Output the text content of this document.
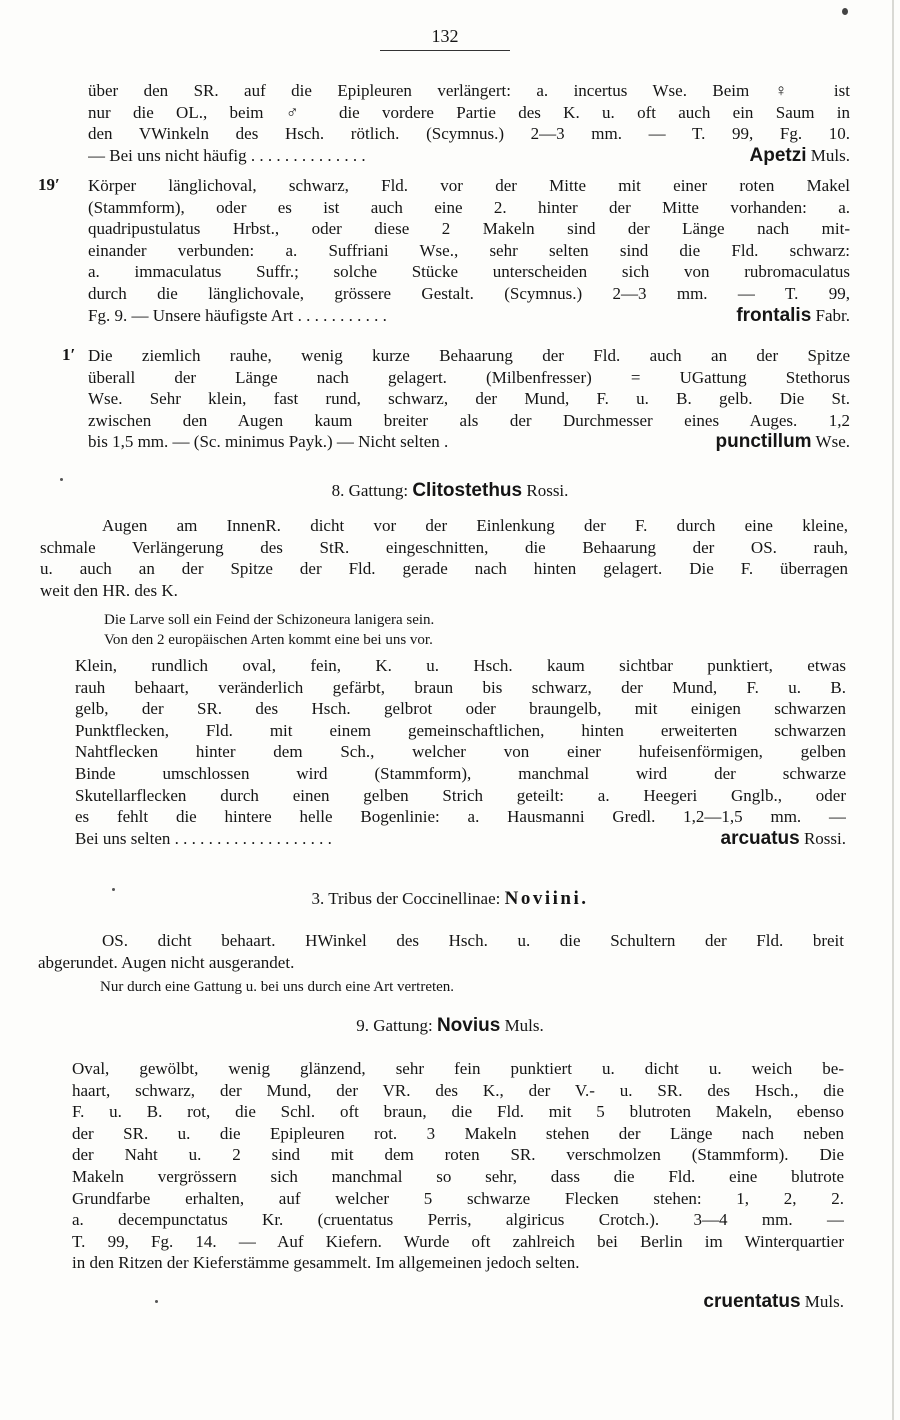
132
über den SR. auf die Epipleuren verlängert: a. incertus Wse. Beim ♀ ist
nur die OL., beim ♂ die vordere Partie des K. u. oft auch ein Saum in
den VWinkeln des Hsch. rötlich. (Scymnus.) 2—3 mm. — T. 99, Fg. 10.
— Bei uns nicht häufig . . . . . . . . . . . . . .	Apetzi Muls.
19′ Körper länglichoval, schwarz, Fld. vor der Mitte mit einer roten Makel
(Stammform), oder es ist auch eine 2. hinter der Mitte vorhanden: a.
quadripustulatus Hrbst., oder diese 2 Makeln sind der Länge nach mit-
einander verbunden: a. Suffriani Wse., sehr selten sind die Fld. schwarz:
a. immaculatus Suffr.; solche Stücke unterscheiden sich von rubromaculatus
durch die länglichovale, grössere Gestalt. (Scymnus.) 2—3 mm. — T. 99,
Fg. 9. — Unsere häufigste Art . . . . . . . . . . .	frontalis Fabr.
1′ Die ziemlich rauhe, wenig kurze Behaarung der Fld. auch an der Spitze
überall der Länge nach gelagert. (Milbenfresser) = UGattung Stethorus
Wse. Sehr klein, fast rund, schwarz, der Mund, F. u. B. gelb. Die St.
zwischen den Augen kaum breiter als der Durchmesser eines Auges. 1,2
bis 1,5 mm. — (Sc. minimus Payk.) — Nicht selten .	punctillum Wse.
8. Gattung: Clitostethus Rossi.
Augen am InnenR. dicht vor der Einlenkung der F. durch eine kleine,
schmale Verlängerung des StR. eingeschnitten, die Behaarung der OS. rauh,
u. auch an der Spitze der Fld. gerade nach hinten gelagert. Die F. überragen
weit den HR. des K.
Die Larve soll ein Feind der Schizoneura lanigera sein.
Von den 2 europäischen Arten kommt eine bei uns vor.
Klein, rundlich oval, fein, K. u. Hsch. kaum sichtbar punktiert, etwas
rauh behaart, veränderlich gefärbt, braun bis schwarz, der Mund, F. u. B.
gelb, der SR. des Hsch. gelbrot oder braungelb, mit einigen schwarzen
Punktflecken, Fld. mit einem gemeinschaftlichen, hinten erweiterten schwarzen
Nahtflecken hinter dem Sch., welcher von einer hufeisenförmigen, gelben
Binde umschlossen wird (Stammform), manchmal wird der schwarze
Skutellarflecken durch einen gelben Strich geteilt: a. Heegeri Gnglb., oder
es fehlt die hintere helle Bogenlinie: a. Hausmanni Gredl. 1,2—1,5 mm. —
Bei uns selten . . . . . . . . . . . . . . . . . . .	arcuatus Rossi.
3. Tribus der Coccinellinae: Noviini.
OS. dicht behaart. HWinkel des Hsch. u. die Schultern der Fld. breit
abgerundet. Augen nicht ausgerandet.
Nur durch eine Gattung u. bei uns durch eine Art vertreten.
9. Gattung: Novius Muls.
Oval, gewölbt, wenig glänzend, sehr fein punktiert u. dicht u. weich be-
haart, schwarz, der Mund, der VR. des K., der V.- u. SR. des Hsch., die
F. u. B. rot, die Schl. oft braun, die Fld. mit 5 blutroten Makeln, ebenso
der SR. u. die Epipleuren rot. 3 Makeln stehen der Länge nach neben
der Naht u. 2 sind mit dem roten SR. verschmolzen (Stammform). Die
Makeln vergrössern sich manchmal so sehr, dass die Fld. eine blutrote
Grundfarbe erhalten, auf welcher 5 schwarze Flecken stehen: 1, 2, 2.
a. decempunctatus Kr. (cruentatus Perris, algiricus Crotch.). 3—4 mm. —
T. 99, Fg. 14. — Auf Kiefern. Wurde oft zahlreich bei Berlin im Winterquartier
in den Ritzen der Kieferstämme gesammelt. Im allgemeinen jedoch selten.
cruentatus Muls.
